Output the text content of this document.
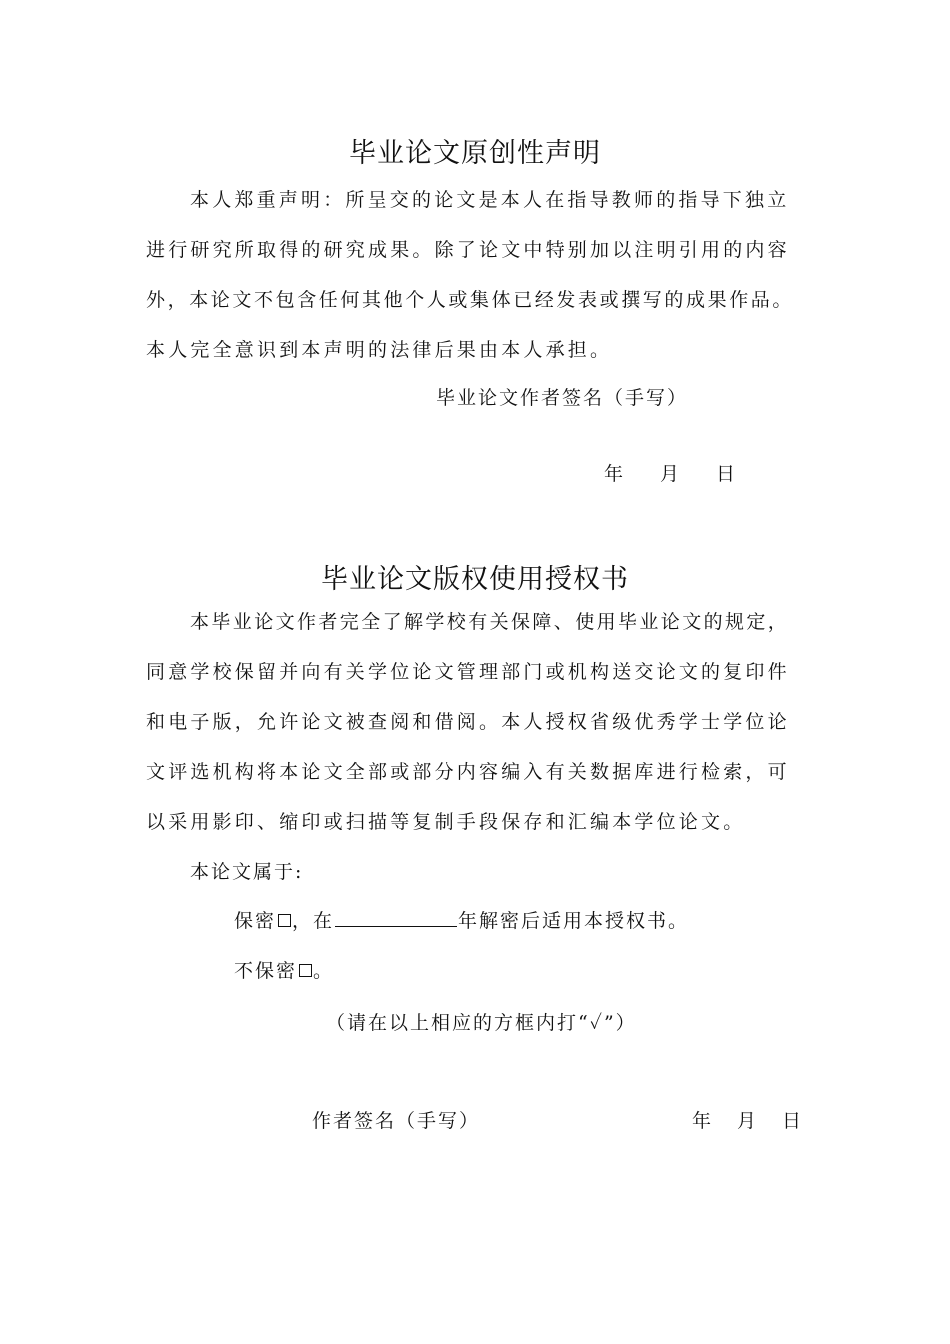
毕业论文原创性声明

本人郑重声明：所呈交的论文是本人在指导教师的指导下独立

进行研究所取得的研究成果。除了论文中特别加以注明引用的内容

外，本论文不包含任何其他个人或集体已经发表或撰写的成果作品。

本人完全意识到本声明的法律后果由本人承担。

毕业论文作者签名（手写）

年 月 日
毕业论文版权使用授权书

本毕业论文作者完全了解学校有关保障、使用毕业论文的规定，

同意学校保留并向有关学位论文管理部门或机构送交论文的复印件

和电子版，允许论文被查阅和借阅。本人授权省级优秀学士学位论

文评选机构将本论文全部或部分内容编入有关数据库进行检索，可

以采用影印、缩印或扫描等复制手段保存和汇编本学位论文。

本论文属于:

保密 ，在	年解密后适用本授权书。

不保密 。

（请在以上相应的方框内打“✓”）

作者签名（手写）	年 月 日
